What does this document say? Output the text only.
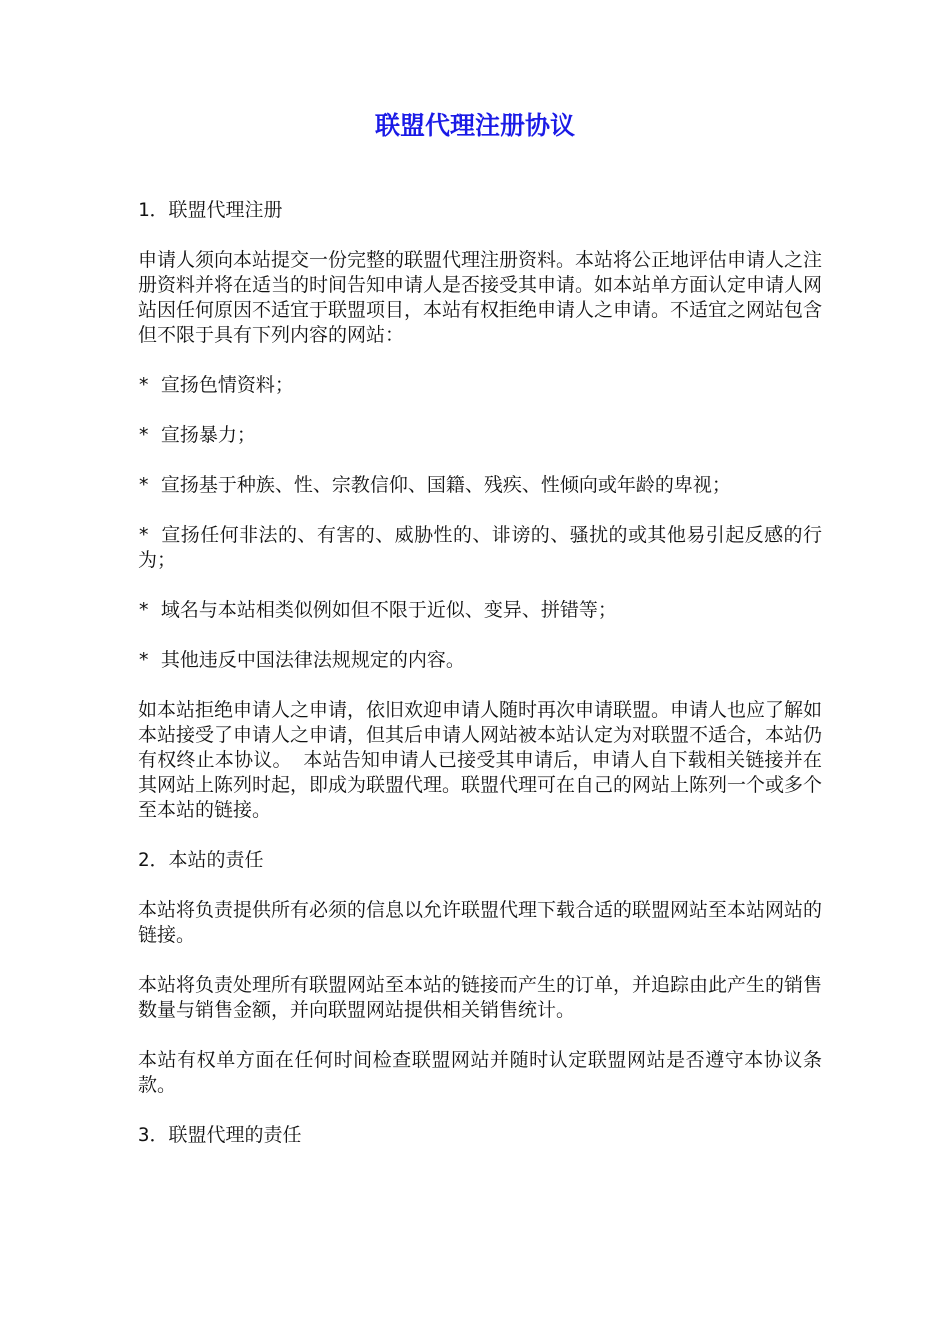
联盟代理注册协议
1．联盟代理注册

申请人须向本站提交一份完整的联盟代理注册资料。本站将公正地评估申请人之注册资料并将在适当的时间告知申请人是否接受其申请。如本站单方面认定申请人网站因任何原因不适宜于联盟项目，本站有权拒绝申请人之申请。不适宜之网站包含但不限于具有下列内容的网站：

* 宣扬色情资料；

* 宣扬暴力；

* 宣扬基于种族、性、宗教信仰、国籍、残疾、性倾向或年龄的卑视；

* 宣扬任何非法的、有害的、威胁性的、诽谤的、骚扰的或其他易引起反感的行为；

* 域名与本站相类似例如但不限于近似、变异、拼错等；

* 其他违反中国法律法规规定的内容。

如本站拒绝申请人之申请，依旧欢迎申请人随时再次申请联盟。申请人也应了解如本站接受了申请人之申请，但其后申请人网站被本站认定为对联盟不适合，本站仍有权终止本协议。 本站告知申请人已接受其申请后，申请人自下载相关链接并在其网站上陈列时起，即成为联盟代理。联盟代理可在自己的网站上陈列一个或多个至本站的链接。

2．本站的责任

本站将负责提供所有必须的信息以允许联盟代理下载合适的联盟网站至本站网站的链接。

本站将负责处理所有联盟网站至本站的链接而产生的订单，并追踪由此产生的销售数量与销售金额，并向联盟网站提供相关销售统计。

本站有权单方面在任何时间检查联盟网站并随时认定联盟网站是否遵守本协议条款。

3．联盟代理的责任
